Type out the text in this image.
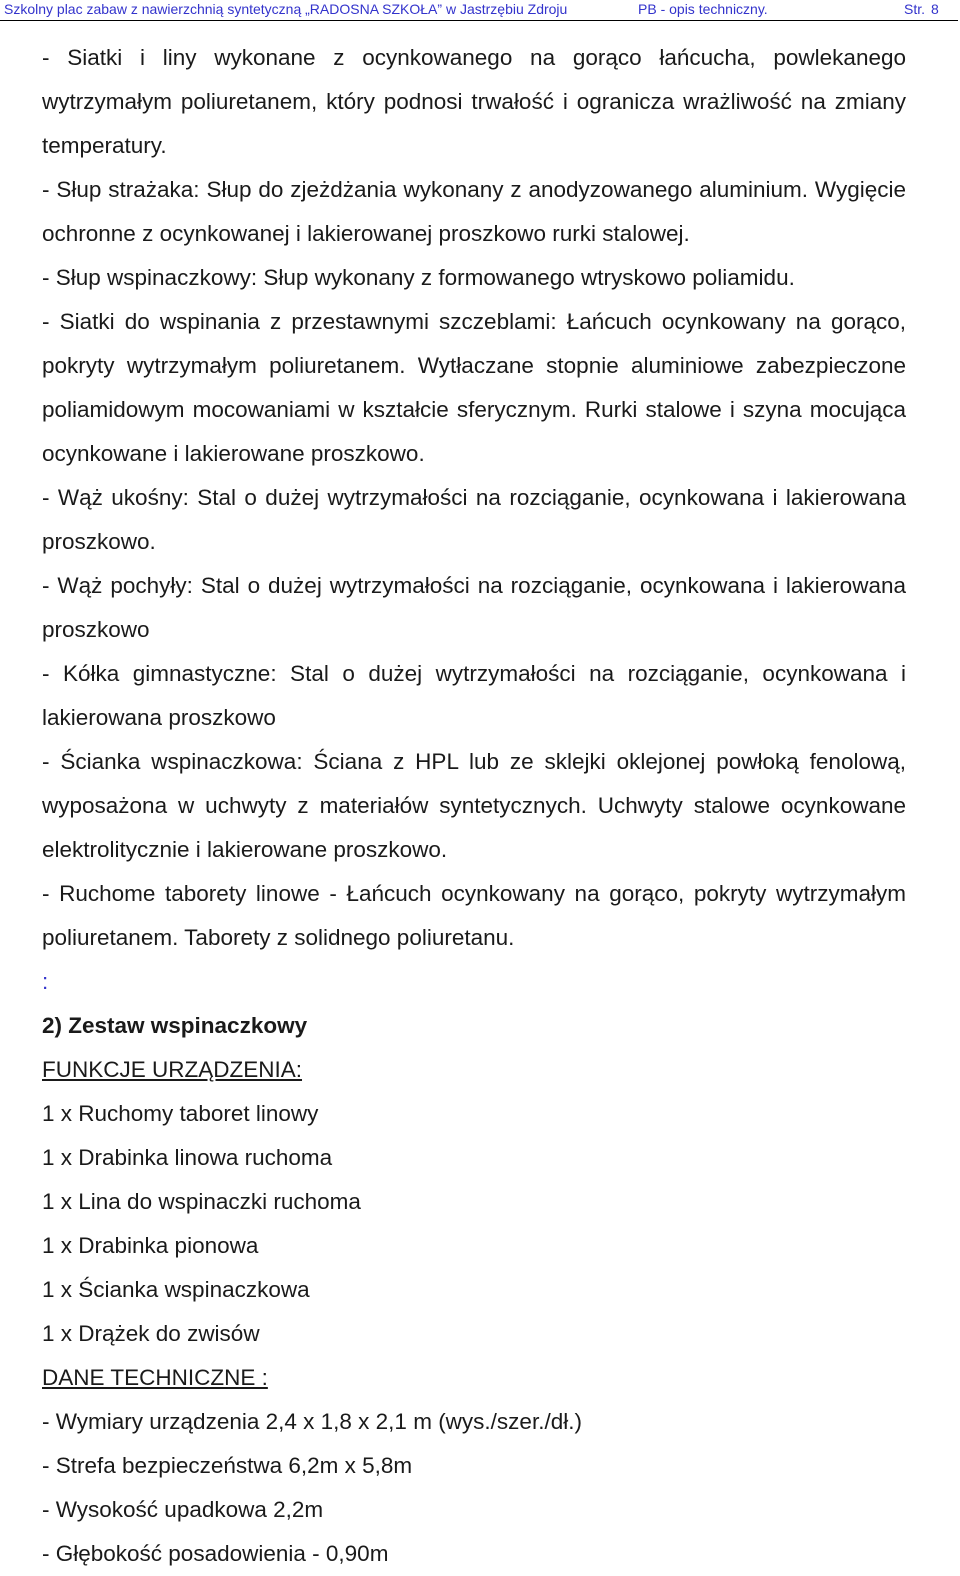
Szkolny plac zabaw z nawierzchnią syntetyczną „RADOSNA SZKOŁA” w Jastrzębiu Zdroju	PB - opis techniczny.	Str. 8

- Siatki i liny wykonane z ocynkowanego na gorąco łańcucha, powlekanego wytrzymałym poliuretanem, który podnosi trwałość i ogranicza wrażliwość na zmiany temperatury.

- Słup strażaka: Słup do zjeżdżania wykonany z anodyzowanego aluminium. Wygięcie ochronne z ocynkowanej i lakierowanej proszkowo rurki stalowej.

- Słup wspinaczkowy: Słup wykonany z formowanego wtryskowo poliamidu.

- Siatki do wspinania z przestawnymi szczeblami: Łańcuch ocynkowany na gorąco, pokryty wytrzymałym poliuretanem. Wytłaczane stopnie aluminiowe zabezpieczone poliamidowym mocowaniami w kształcie sferycznym. Rurki stalowe i szyna mocująca ocynkowane i lakierowane proszkowo.

- Wąż ukośny: Stal o dużej wytrzymałości na rozciąganie, ocynkowana i lakierowana proszkowo.

- Wąż pochyły: Stal o dużej wytrzymałości na rozciąganie, ocynkowana i lakierowana proszkowo

- Kółka gimnastyczne: Stal o dużej wytrzymałości na rozciąganie, ocynkowana i lakierowana proszkowo

- Ścianka wspinaczkowa: Ściana z HPL lub ze sklejki oklejonej powłoką fenolową, wyposażona w uchwyty z materiałów syntetycznych. Uchwyty stalowe ocynkowane elektrolitycznie i lakierowane proszkowo.

- Ruchome taborety linowe - Łańcuch ocynkowany na gorąco, pokryty wytrzymałym poliuretanem. Taborety z solidnego poliuretanu.

:
2) Zestaw wspinaczkowy
FUNKCJE URZĄDZENIA:
1 x Ruchomy taboret linowy
1 x Drabinka linowa ruchoma
1 x Lina do wspinaczki ruchoma
1 x Drabinka pionowa
1 x Ścianka wspinaczkowa
1 x Drążek do zwisów
DANE TECHNICZNE :
- Wymiary urządzenia 2,4 x 1,8 x 2,1 m (wys./szer./dł.)
- Strefa bezpieczeństwa 6,2m x 5,8m
- Wysokość upadkowa 2,2m
- Głębokość posadowienia - 0,90m
